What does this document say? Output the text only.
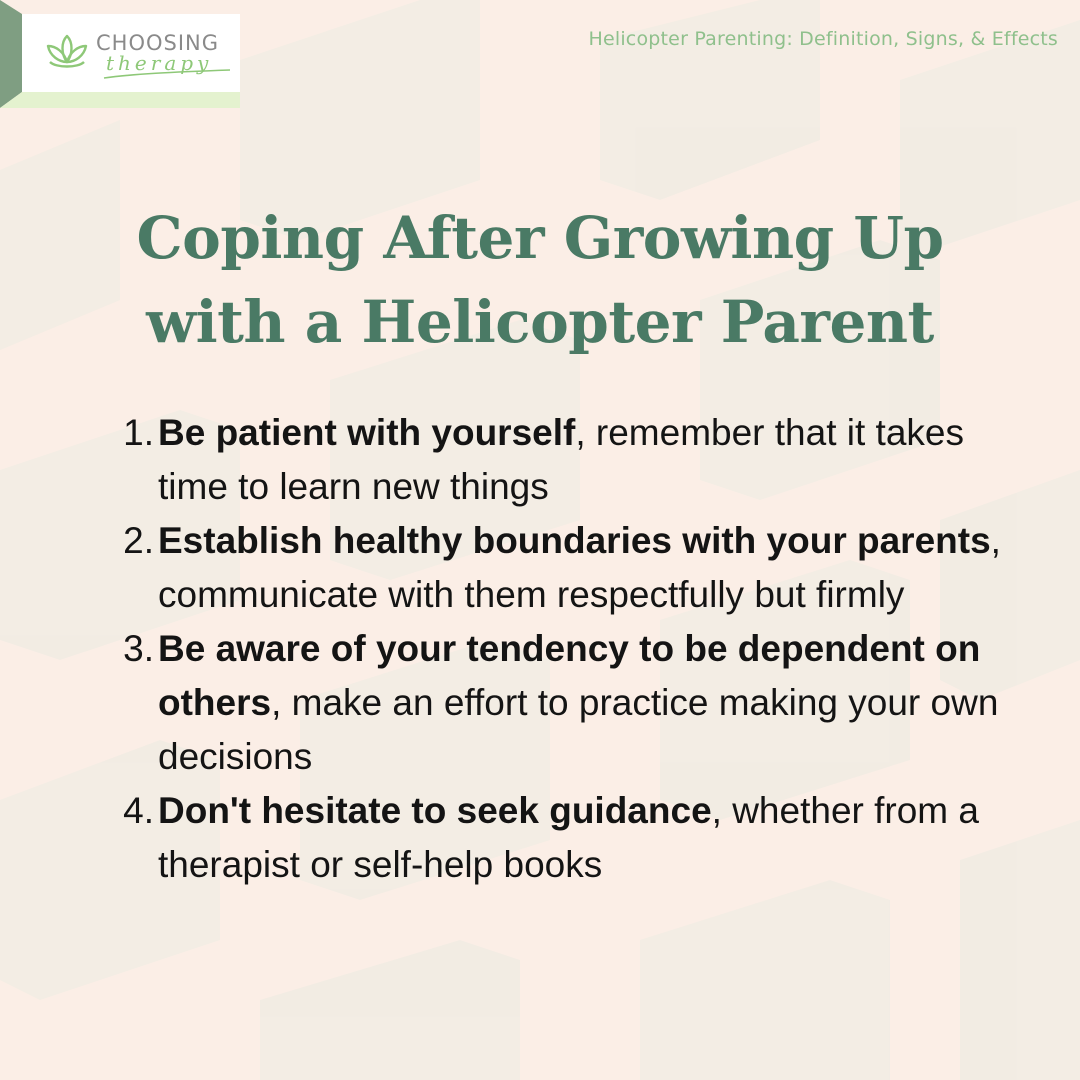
CHOOSING
therapy
Helicopter Parenting: Definition, Signs, & Effects
Coping After Growing Up
with a Helicopter Parent
1. Be patient with yourself, remember that it takes time to learn new things
2. Establish healthy boundaries with your parents, communicate with them respectfully but firmly
3. Be aware of your tendency to be dependent on others, make an effort to practice making your own decisions
4. Don't hesitate to seek guidance, whether from a therapist or self-help books
